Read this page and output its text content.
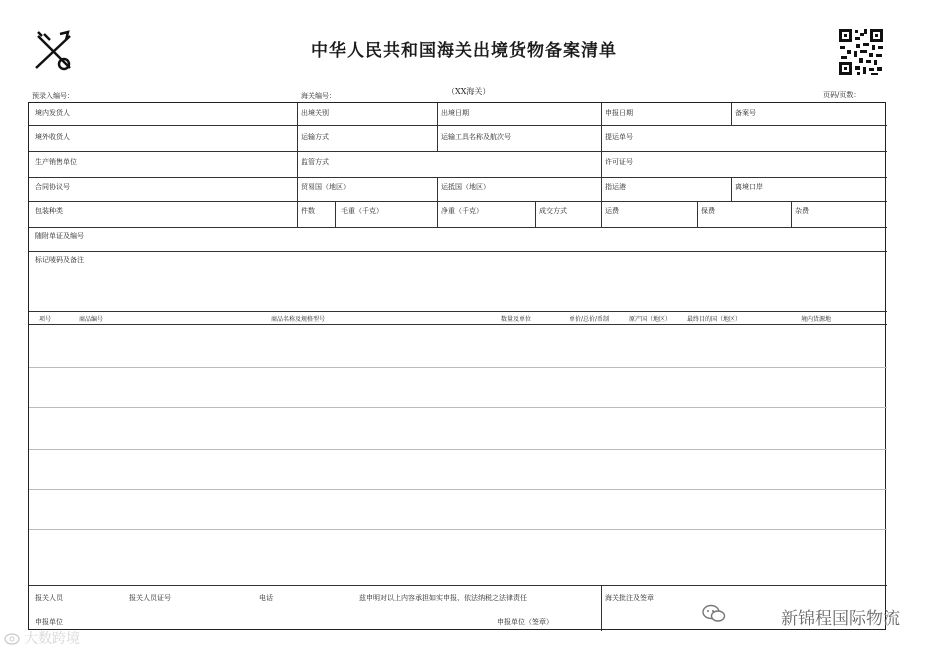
中华人民共和国海关出境货物备案清单
预录入编号：	海关编号：	（XX海关）	页码/页数：
境内发货人	出境关别	出境日期	申报日期	备案号
境外收货人	运输方式	运输工具名称及航次号	提运单号
生产销售单位	监管方式	许可证号
合同协议号	贸易国（地区）	运抵国（地区）	指运港	离境口岸
包装种类	件数	毛重（千克）	净重（千克）	成交方式	运费	保费	杂费
随附单证及编号
标记唛码及备注
项号	商品编号	商品名称及规格型号	数量及单位	单价/总价/币制	原产国（地区）	最终目的国（地区）	境内货源地
报关人员	报关人员证号	电话	兹申明对以上内容承担如实申报、依法纳税之法律责任	海关批注及签章
申报单位	申报单位（签章）	新锦程国际物流
大数跨境
